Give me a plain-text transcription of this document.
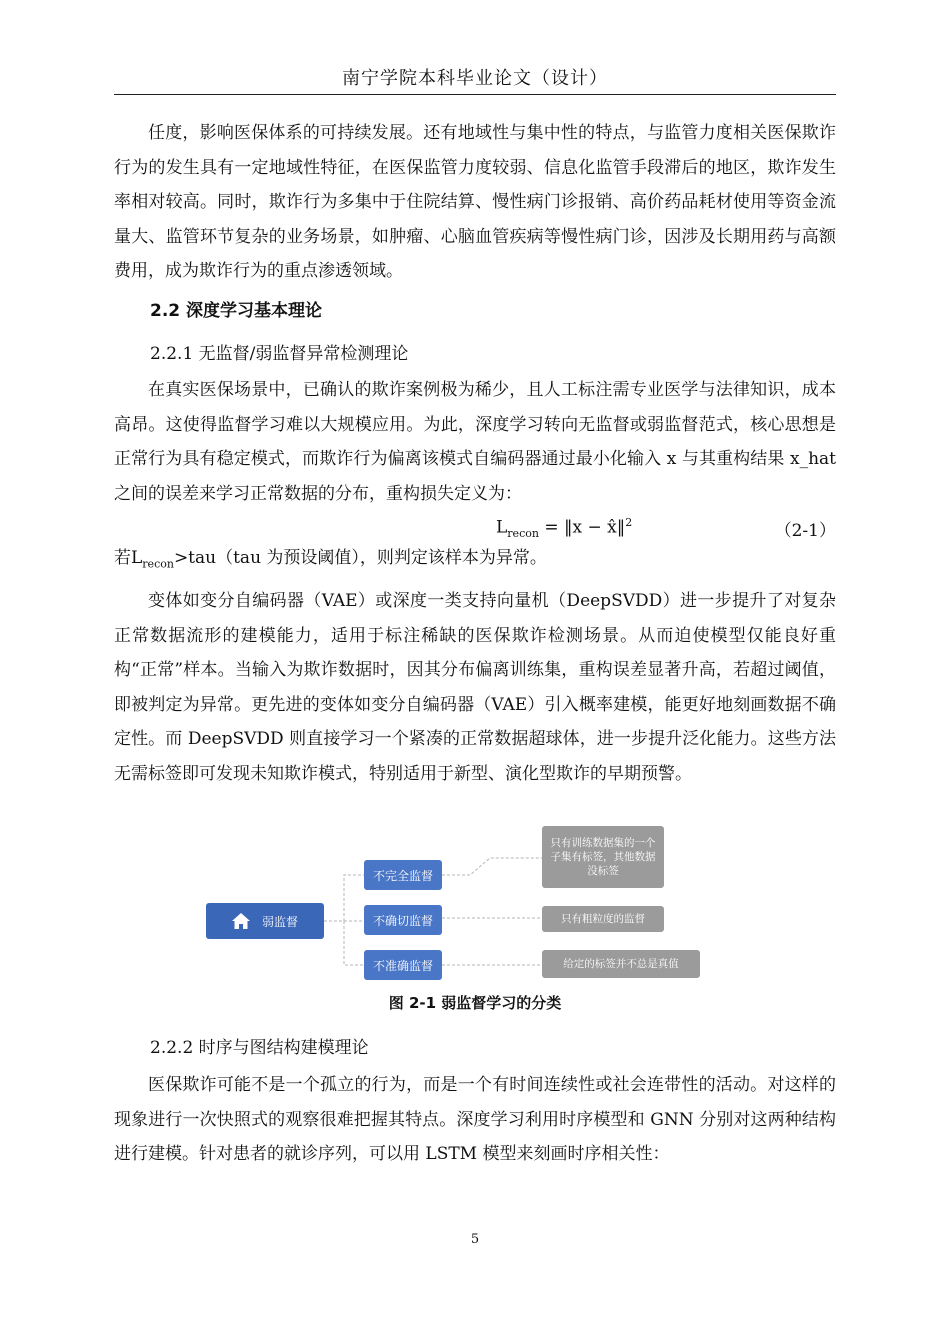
南宁学院本科毕业论文（设计）

任度，影响医保体系的可持续发展。还有地域性与集中性的特点，与监管力度相关医保欺诈行为的发生具有一定地域性特征，在医保监管力度较弱、信息化监管手段滞后的地区，欺诈发生率相对较高。同时，欺诈行为多集中于住院结算、慢性病门诊报销、高价药品耗材使用等资金流量大、监管环节复杂的业务场景，如肿瘤、心脑血管疾病等慢性病门诊，因涉及长期用药与高额费用，成为欺诈行为的重点渗透领域。

2.2 深度学习基本理论
2.2.1 无监督/弱监督异常检测理论

在真实医保场景中，已确认的欺诈案例极为稀少，且人工标注需专业医学与法律知识，成本高昂。这使得监督学习难以大规模应用。为此，深度学习转向无监督或弱监督范式，核心思想是正常行为具有稳定模式，而欺诈行为偏离该模式自编码器通过最小化输入 x 与其重构结果 x_hat 之间的误差来学习正常数据的分布，重构损失定义为：

$L_{recon}$ = ‖x − x̂‖$^2$	（2-1）

若$L_{recon}>tau(tau$ 为预设阈值），则判定该样本为异常。

变体如变分自编码器（VAE）或深度一类支持向量机（DeepSVDD）进一步提升了对复杂正常数据流形的建模能力，适用于标注稀缺的医保欺诈检测场景。从而迫使模型仅能良好重构“正常”样本。当输入为欺诈数据时，因其分布偏离训练集，重构误差显著升高，若超过阈值，即被判定为异常。更先进的变体如变分自编码器（VAE）引入概率建模，能更好地刻画数据不确定性。而 DeepSVDD 则直接学习一个紧凑的正常数据超球体，进一步提升泛化能力。这些方法无需标签即可发现未知欺诈模式，特别适用于新型、演化型欺诈的早期预警。

弱监督
不完全监督
不确切监督
不准确监督
只有训练数据集的一个子集有标签，其他数据没标签
只有粗粒度的监督
给定的标签并不总是真值
图 2-1 弱监督学习的分类
2.2.2 时序与图结构建模理论

医保欺诈可能不是一个孤立的行为，而是一个有时间连续性或社会连带性的活动。对这样的现象进行一次快照式的观察很难把握其特点。深度学习利用时序模型和 GNN 分别对这两种结构进行建模。针对患者的就诊序列，可以用 LSTM 模型来刻画时序相关性：

5
